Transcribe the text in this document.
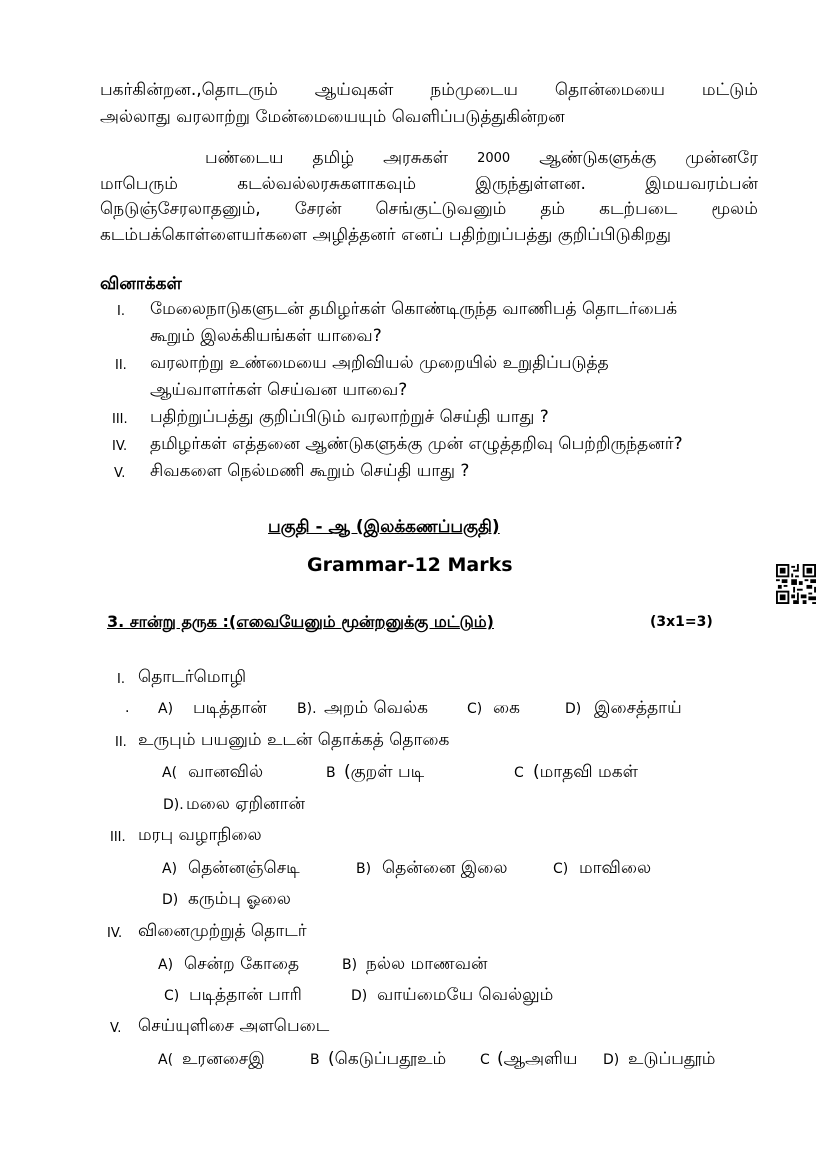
பகர்கின்றன.,தொடரும் ஆய்வுகள் நம்முடைய தொன்மையை மட்டும்
அல்லாது வரலாற்று மேன்மையையும் வெளிப்படுத்துகின்றன
பண்டைய தமிழ் அரசுகள் 2000 ஆண்டுகளுக்கு முன்னரே
மாபெரும்	கடல்வல்லரசுகளாகவும்	இருந்துள்ளன.	இமயவரம்பன்
நெடுஞ்சேரலாதனும், சேரன் செங்குட்டுவனும் தம் கடற்படை மூலம்
கடம்பக்கொள்ளையர்களை அழித்தனர் எனப் பதிற்றுப்பத்து குறிப்பிடுகிறது
வினாக்கள்
I. மேலைநாடுகளுடன் தமிழர்கள் கொண்டிருந்த வாணிபத் தொடர்பைக்
கூறும் இலக்கியங்கள் யாவை?
II. வரலாற்று உண்மையை அறிவியல் முறையில் உறுதிப்படுத்த
ஆய்வாளர்கள் செய்வன யாவை?
III. பதிற்றுப்பத்து குறிப்பிடும் வரலாற்றுச் செய்தி யாது ?
IV. தமிழர்கள் எத்தனை ஆண்டுகளுக்கு முன் எழுத்தறிவு பெற்றிருந்தனர்?
V. சிவகளை நெல்மணி கூறும் செய்தி யாது ?
பகுதி - ஆ (இலக்கணப்பகுதி)
Grammar-12 Marks
3. சான்று தருக :(எவையேனும் மூன்றனுக்கு மட்டும்)	(3x1=3)
I. தொடர்மொழி
. A) படித்தான் B). அறம் வெல்க	C) கை	D) இசைத்தாய்
II. உருபும் பயனும் உடன் தொக்கத் தொகை
A( வானவில்	B (குறள் படி	C (மாதவி மகள்
D). மலை ஏறினான்
III. மரபு வழாநிலை
A) தென்னஞ்செடி	B) தென்னை இலை	C) மாவிலை
D) கரும்பு ஓலை
IV. வினைமுற்றுத் தொடர்
A) சென்ற கோதை	B) நல்ல மாணவன்
C) படித்தான் பாரி	D) வாய்மையே வெல்லும்
V. செய்யுளிசை அளபெடை
A( உரனசைஇ	B (கெடுப்பதூஉம் C (ஆஅளிய D) உடுப்பதூம்
